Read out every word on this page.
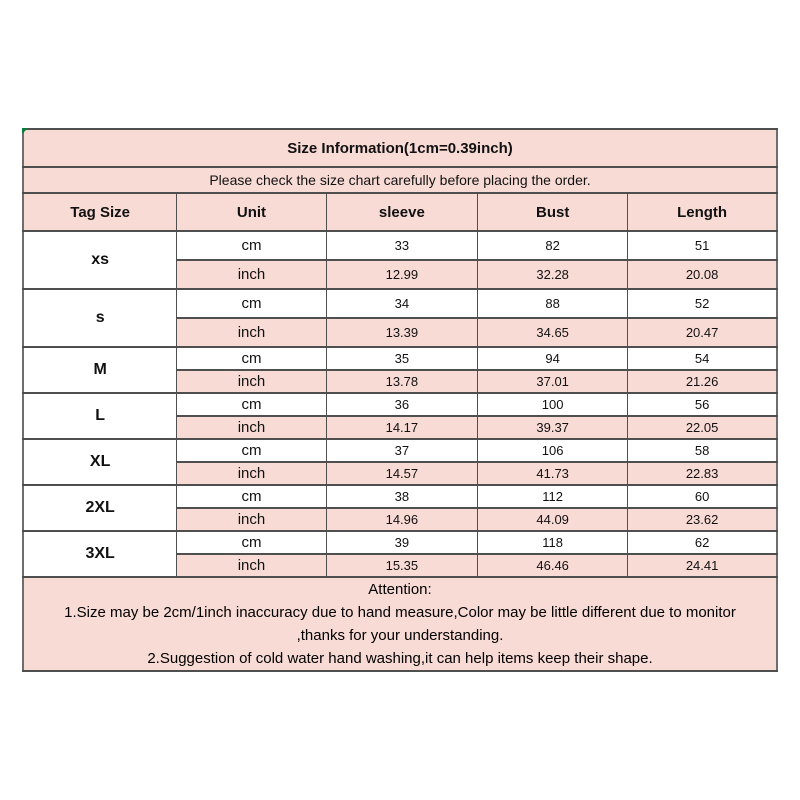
Size Information(1cm=0.39inch)				
Please check the size chart carefully before placing the order.				
Tag Size	Unit	sleeve	Bust	Length
xs	cm	33	82	51
	inch	12.99	32.28	20.08
s	cm	34	88	52
	inch	13.39	34.65	20.47
M	cm	35	94	54
	inch	13.78	37.01	21.26
L	cm	36	100	56
	inch	14.17	39.37	22.05
XL	cm	37	106	58
	inch	14.57	41.73	22.83
2XL	cm	38	112	60
	inch	14.96	44.09	23.62
3XL	cm	39	118	62
	inch	15.35	46.46	24.41

Attention:
1.Size may be 2cm/1inch inaccuracy due to hand measure,Color may be little different due to monitor
,thanks for your understanding.
2.Suggestion of cold water hand washing,it can help items keep their shape.				
